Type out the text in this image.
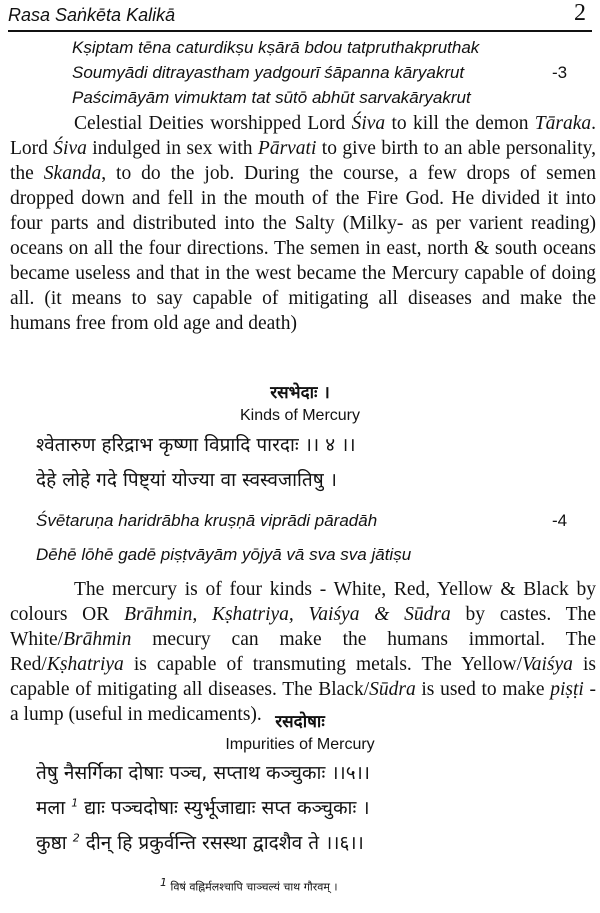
Rasa Saṅkēta Kalikā	2
Kṣiptam tēna caturdikṣu kṣārā bdou tatpruthakpruthak
Soumyādi ditrayastham yadgourī śāpanna kāryakrut	-3
Paścimāyām vimuktam tat sūtō abhūt sarvakāryakrut

Celestial Deities worshipped Lord Śiva to kill the demon Tāraka. Lord Śiva indulged in sex with Pārvati to give birth to an able personality, the Skanda, to do the job. During the course, a few drops of semen dropped down and fell in the mouth of the Fire God. He divided it into four parts and distributed into the Salty (Milky- as per varient reading) oceans on all the four directions. The semen in east, north & south oceans became useless and that in the west became the Mercury capable of doing all. (it means to say capable of mitigating all diseases and make the humans free from old age and death)

रसभेदाः ।
Kinds of Mercury
श्वेतारुण हरिद्राभ कृष्णा विप्रादि पारदाः ।। ४ ।।
देहे लोहे गदे पिष्ट्यां योज्या वा स्वस्वजातिषु ।
Śvētaruṇa haridrābha kruṣṇā viprādi pāradāh	-4
Dēhē lōhē gadē piṣṭvāyām yōjyā vā sva sva jātiṣu

The mercury is of four kinds - White, Red, Yellow & Black by colours OR Brāhmin, Kṣhatriya, Vaiśya & Sūdra by castes. The White/Brāhmin mecury can make the humans immortal. The Red/Kṣhatriya is capable of transmuting metals. The Yellow/Vaiśya is capable of mitigating all diseases. The Black/Sūdra is used to make piṣṭi - a lump (useful in medicaments). रसदोषाः
Impurities of Mercury
तेषु नैसर्गिका दोषाः पञ्च, सप्ताथ कञ्चुकाः ।।५।।
मला $^1$ द्याः पञ्चदोषाः स्युर्भूजाद्याः सप्त कञ्चुकाः ।
कुष्ठा $^2$ दीन् हि प्रकुर्वन्ति रसस्था द्वादशैव ते ।।६।।
1 विषं वह्निर्मलश्चापि चाञ्चल्यं चाथ गौरवम् ।
